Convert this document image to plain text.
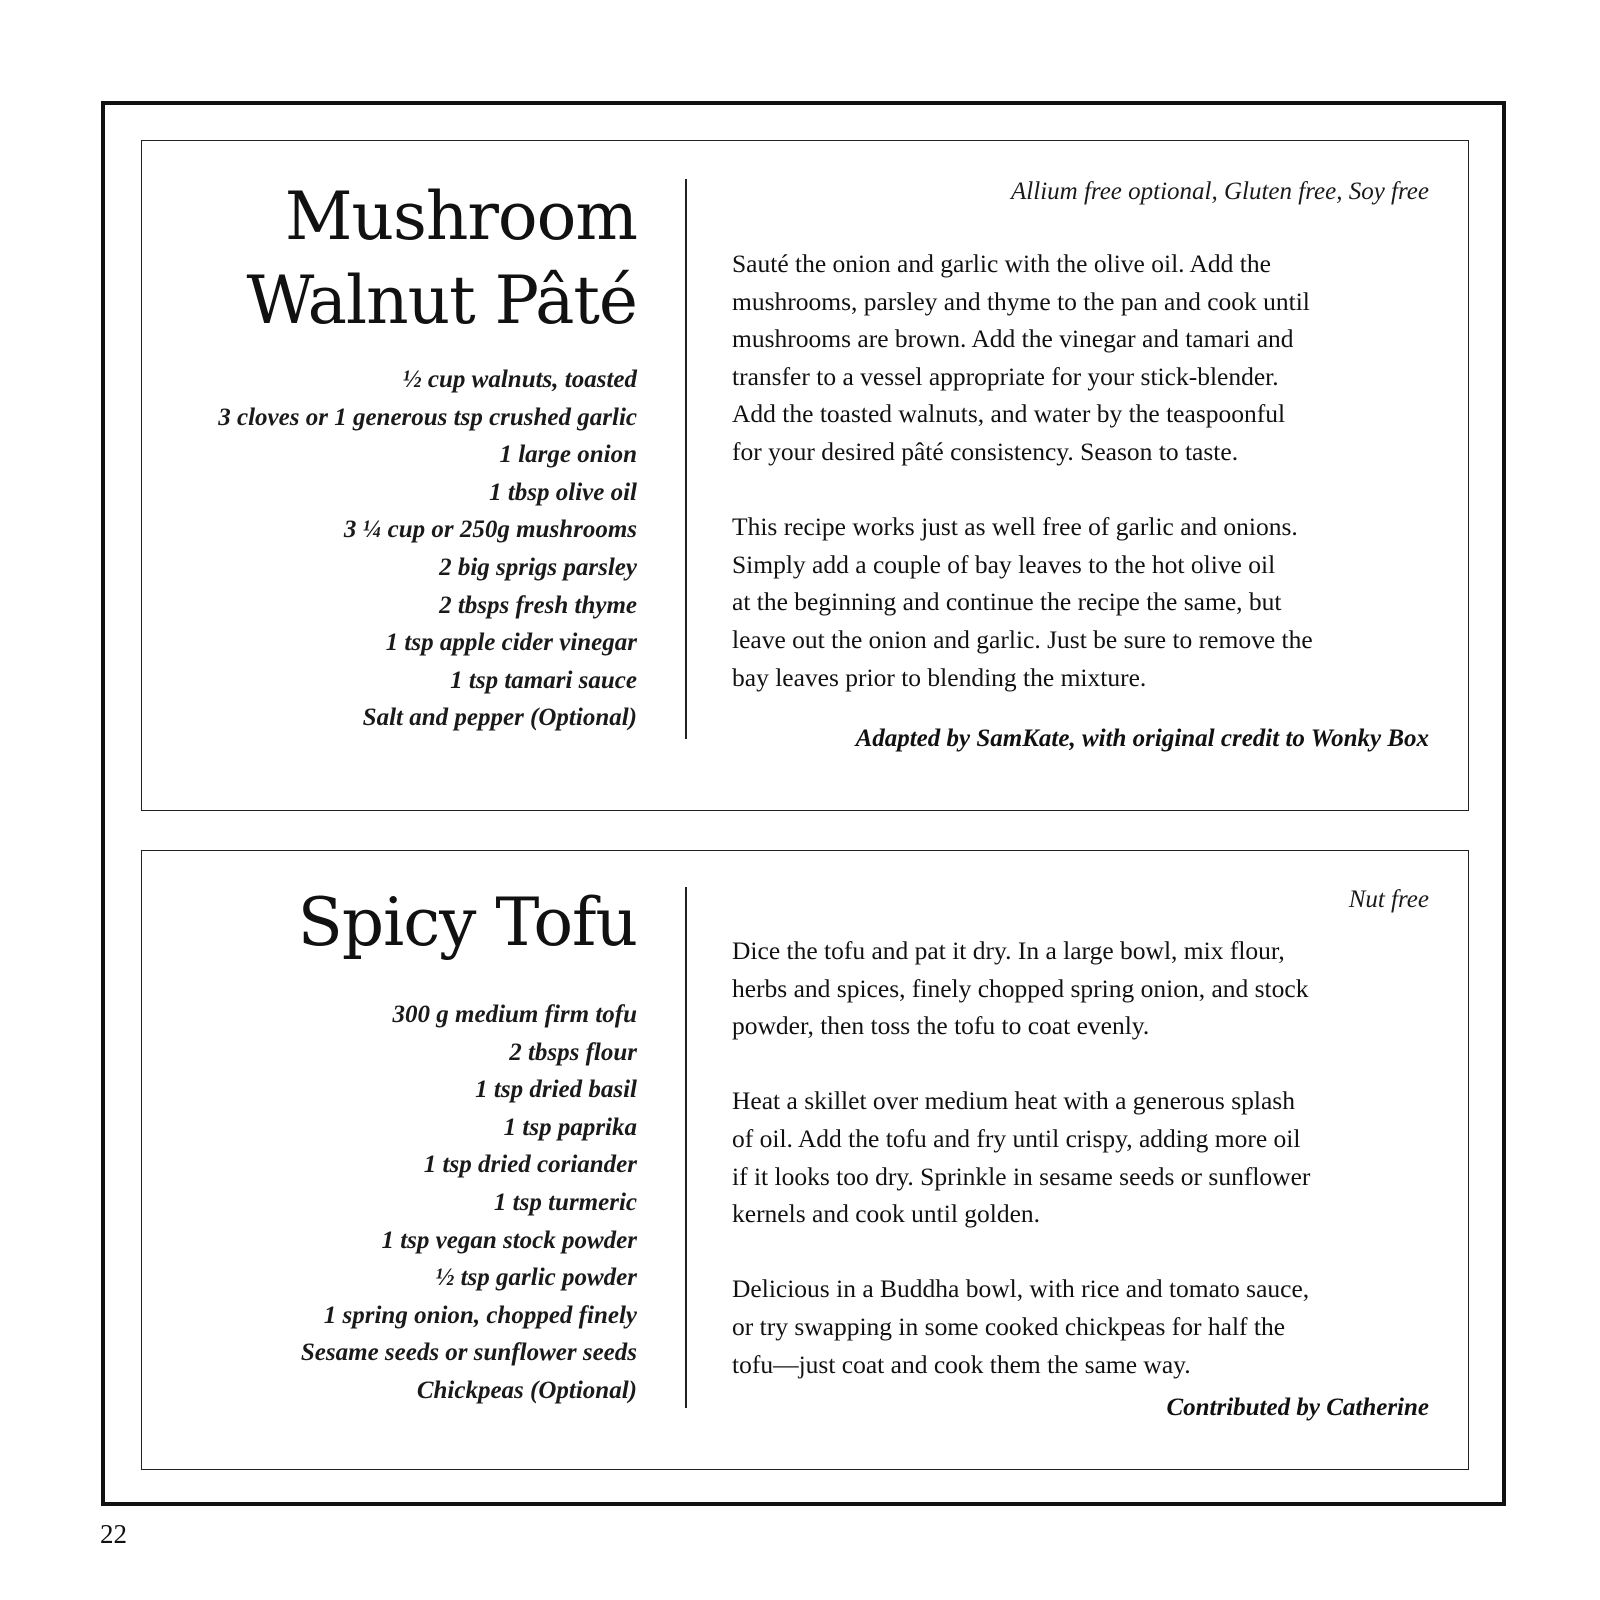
Mushroom
Walnut Pâté
½ cup walnuts, toasted
3 cloves or 1 generous tsp crushed garlic
1 large onion
1 tbsp olive oil
3 ¼ cup or 250g mushrooms
2 big sprigs parsley
2 tbsps fresh thyme
1 tsp apple cider vinegar
1 tsp tamari sauce
Salt and pepper (Optional)
Allium free optional, Gluten free, Soy free

Sauté the onion and garlic with the olive oil. Add the
mushrooms, parsley and thyme to the pan and cook until
mushrooms are brown. Add the vinegar and tamari and
transfer to a vessel appropriate for your stick-blender.
Add the toasted walnuts, and water by the teaspoonful
for your desired pâté consistency. Season to taste.

This recipe works just as well free of garlic and onions.
Simply add a couple of bay leaves to the hot olive oil
at the beginning and continue the recipe the same, but
leave out the onion and garlic. Just be sure to remove the
bay leaves prior to blending the mixture.

Adapted by SamKate, with original credit to Wonky Box
Spicy Tofu
300 g medium firm tofu
2 tbsps flour
1 tsp dried basil
1 tsp paprika
1 tsp dried coriander
1 tsp turmeric
1 tsp vegan stock powder
½ tsp garlic powder
1 spring onion, chopped finely
Sesame seeds or sunflower seeds
Chickpeas (Optional)
Nut free

Dice the tofu and pat it dry. In a large bowl, mix flour,
herbs and spices, finely chopped spring onion, and stock
powder, then toss the tofu to coat evenly.

Heat a skillet over medium heat with a generous splash
of oil. Add the tofu and fry until crispy, adding more oil
if it looks too dry. Sprinkle in sesame seeds or sunflower
kernels and cook until golden.

Delicious in a Buddha bowl, with rice and tomato sauce,
or try swapping in some cooked chickpeas for half the
tofu—just coat and cook them the same way.

Contributed by Catherine
22
